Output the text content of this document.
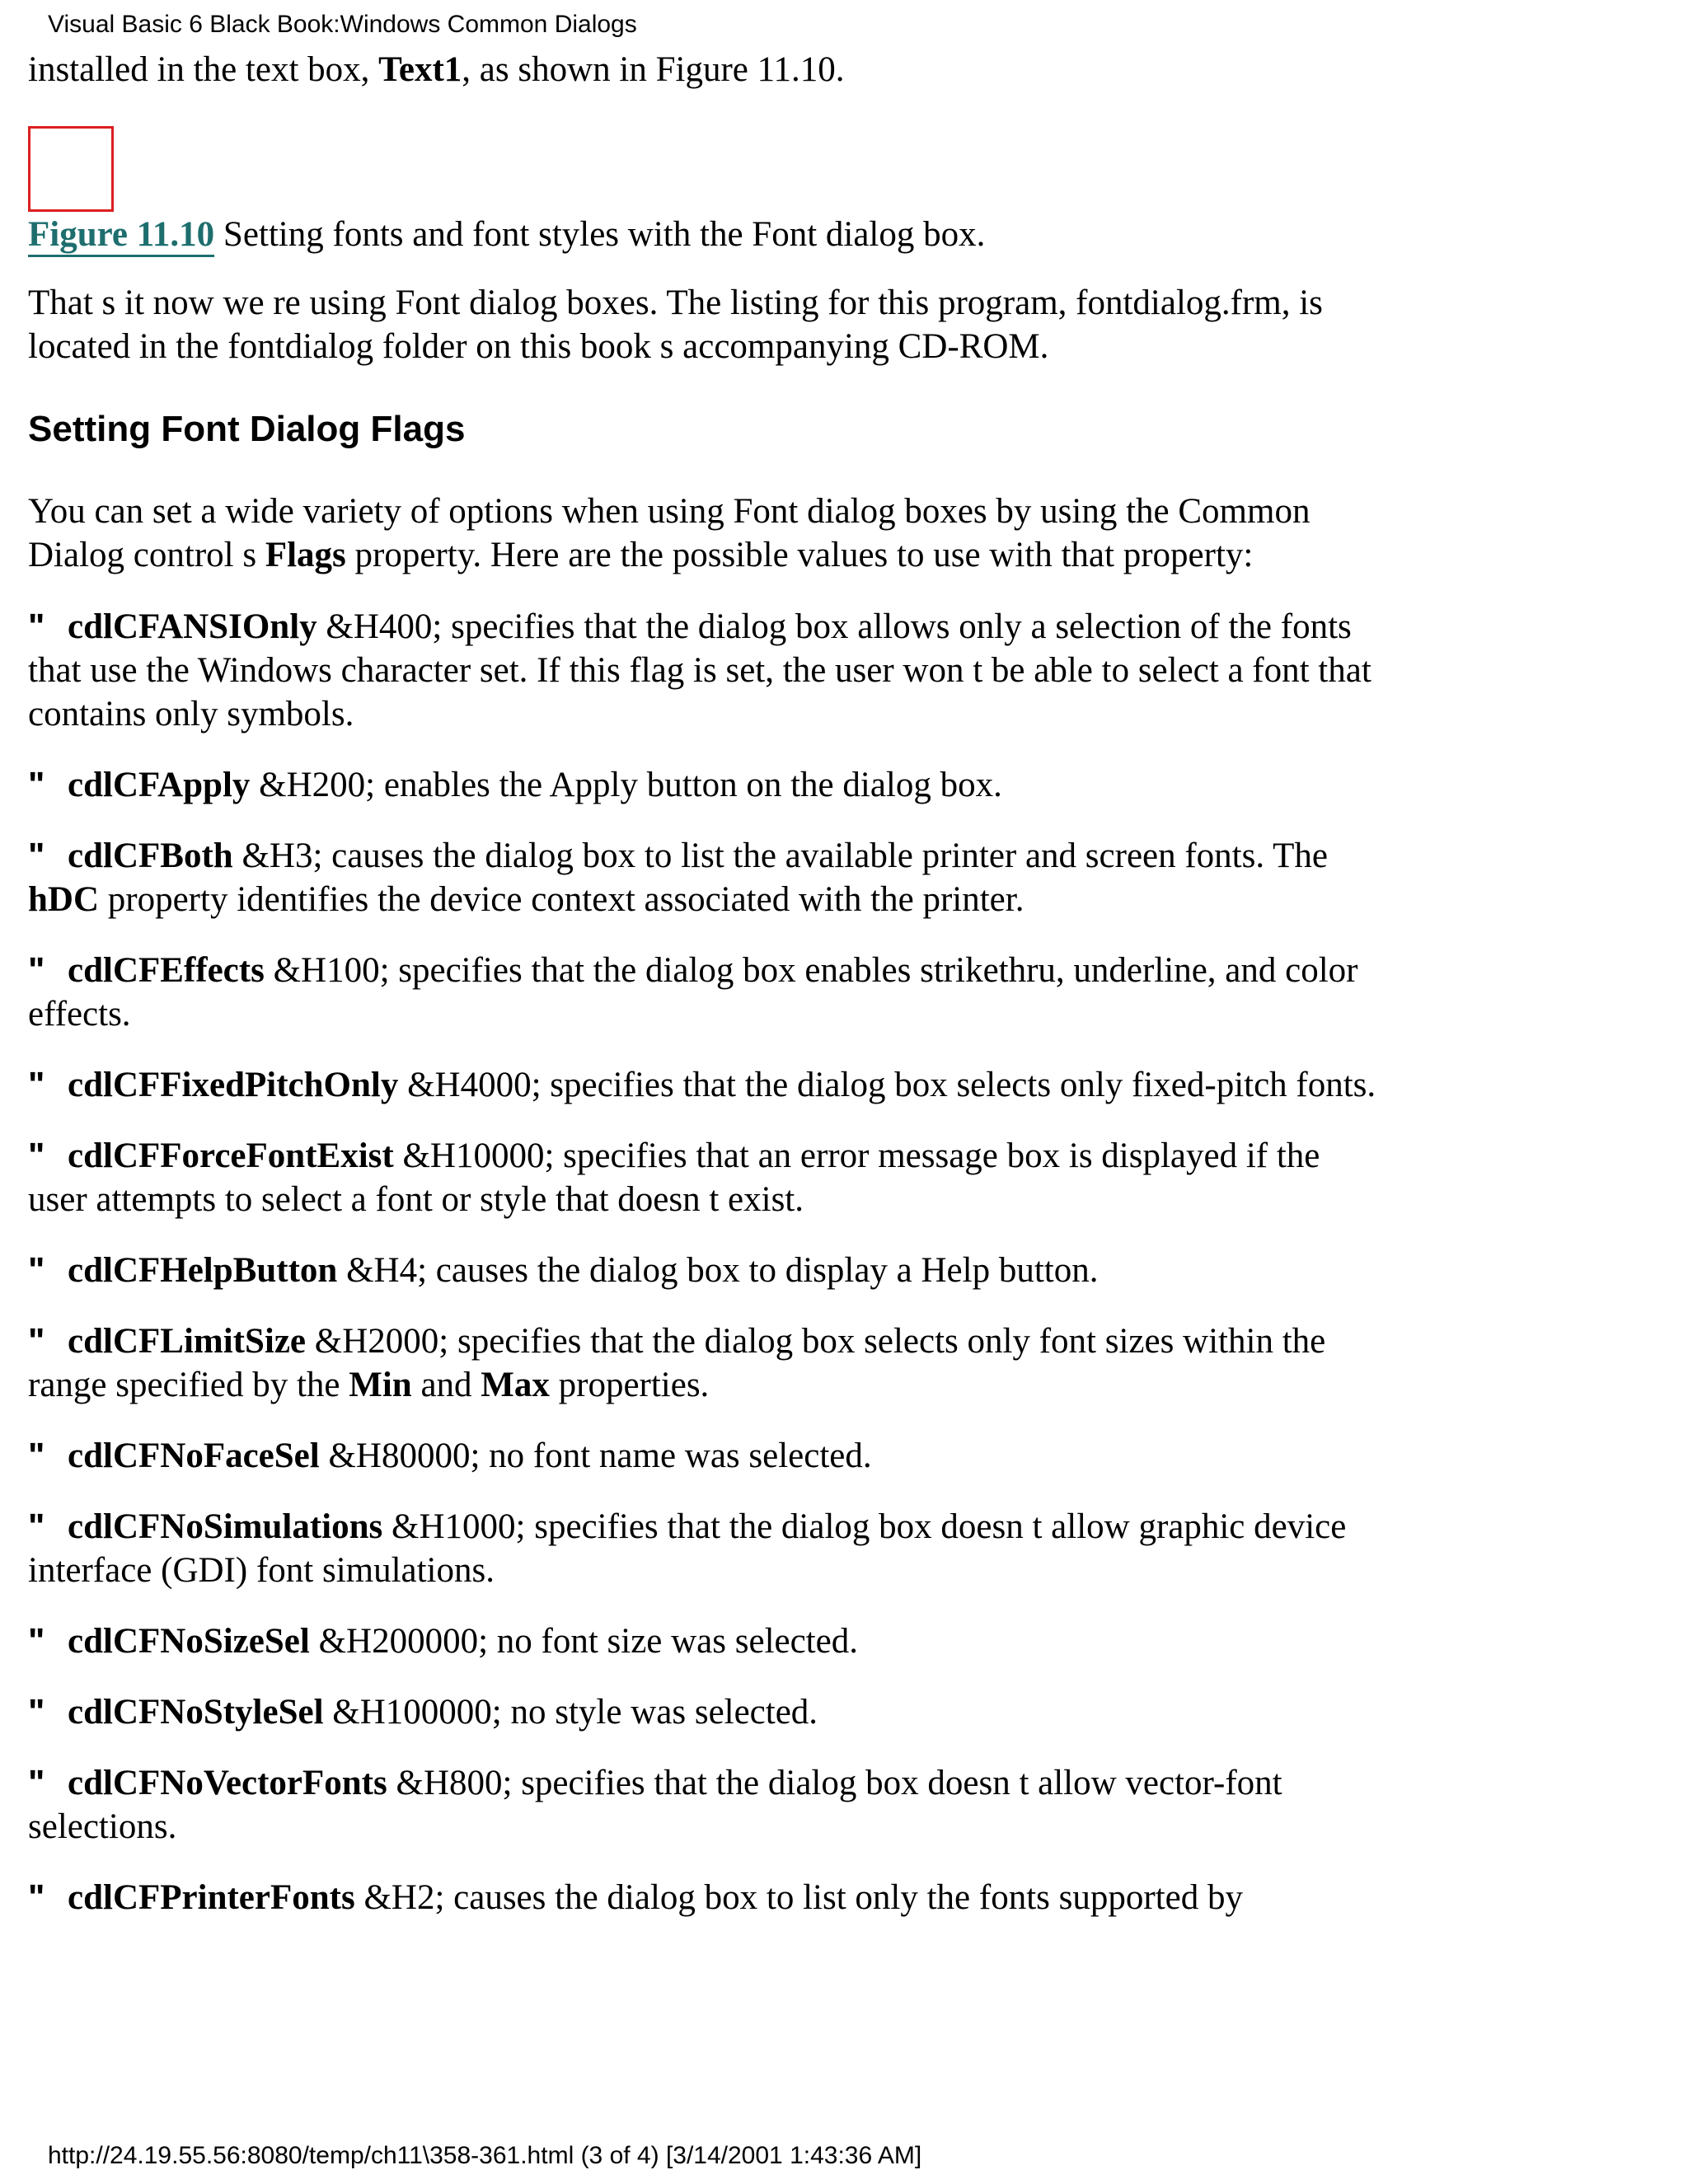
Visual Basic 6 Black Book:Windows Common Dialogs

installed in the text box, Text1, as shown in Figure 11.10.

Figure 11.10 Setting fonts and font styles with the Font dialog box.

That s it now we re using Font dialog boxes. The listing for this program, fontdialog.frm, is located in the fontdialog folder on this book s accompanying CD-ROM.

Setting Font Dialog Flags

You can set a wide variety of options when using Font dialog boxes by using the Common Dialog control s Flags property. Here are the possible values to use with that property:

" cdlCFANSIOnly &H400; specifies that the dialog box allows only a selection of the fonts that use the Windows character set. If this flag is set, the user won t be able to select a font that contains only symbols.
" cdlCFApply &H200; enables the Apply button on the dialog box.
" cdlCFBoth &H3; causes the dialog box to list the available printer and screen fonts. The hDC property identifies the device context associated with the printer.
" cdlCFEffects &H100; specifies that the dialog box enables strikethru, underline, and color effects.
" cdlCFFixedPitchOnly &H4000; specifies that the dialog box selects only fixed-pitch fonts.
" cdlCFForceFontExist &H10000; specifies that an error message box is displayed if the user attempts to select a font or style that doesn t exist.
" cdlCFHelpButton &H4; causes the dialog box to display a Help button.
" cdlCFLimitSize &H2000; specifies that the dialog box selects only font sizes within the range specified by the Min and Max properties.
" cdlCFNoFaceSel &H80000; no font name was selected.
" cdlCFNoSimulations &H1000; specifies that the dialog box doesn t allow graphic device interface (GDI) font simulations.
" cdlCFNoSizeSel &H200000; no font size was selected.
" cdlCFNoStyleSel &H100000; no style was selected.
" cdlCFNoVectorFonts &H800; specifies that the dialog box doesn t allow vector-font selections.
" cdlCFPrinterFonts &H2; causes the dialog box to list only the fonts supported by
http://24.19.55.56:8080/temp/ch11\358-361.html (3 of 4) [3/14/2001 1:43:36 AM]
